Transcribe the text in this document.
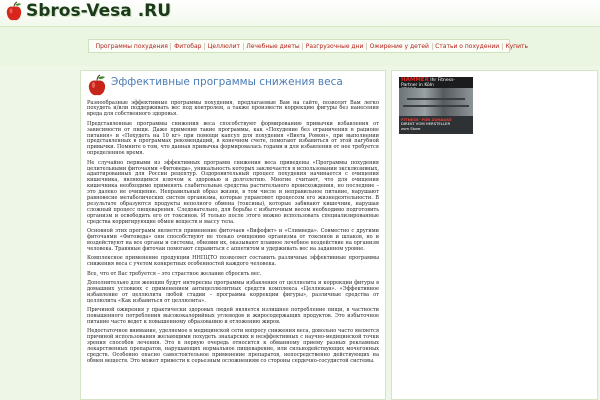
Sbros-Vesa .RU
Программы похудения	Фитобар	Целлюлит	Лечебные диеты	Разгрузочные дни	Ожирение у детей	Статьи о похудении	Купить
Эффективные программы снижения веса

Разнообразные эффективные программы похудения, предлагаемые Вам на сайте, позволят Вам легко похудеть и/или поддерживать вес под контролем, а также произвести коррекцию фигуры без нанесения вреда для собственного здоровья.

Представленные программы снижения веса способствуют формированию привычки избавления от зависимости от пищи. Даже применив такие программы, как «Похудение без ограничения в рационе питания» и «Похудеть на 10 кг» при помощи капсул для похудения «Виета Ромон», при выполнении представленных в программах рекомендаций, в конечном счете, помогают избавиться от этой пагубной привычки. Помните о том, что данная привычка формировалась годами и для избавления от нее требуется определенное время.

Не случайно первыми из эффективных программ снижения веса приведены «Программы похудения целительными фиточаями «Фитоведа», уникальность которых заключается в использовании эксклюзивных, адаптированных для России рецептур. Оздоровительный процесс похудения начинается с очищения кишечника, являющимся ключом к здоровью и долголетию. Многие считают, что для очищения кишечника необходимо применять слабительные средства растительного происхождения, но последние – это далеко не очищение. Неправильный образ жизни, в том числе и неправильное питание, нарушают равновесие метаболических систем организма, которые управляют процессом его жизнедеятельности. В результате образуются продукты неполного обмена (токсины), которые забивают кишечник, нарушая сложный процесс пищеварения. Следовательно, для борьбы с избыточным весом необходимо подготовить организм и освободить его от токсинов. И только после этого можно использовать специализированные средства корригирующие обмен веществ и массу тела.

Основной этих программ является применение фиточаев «Вифофит» и «Слимведа». Совместно с другими фиточаями «Фитоведа» они способствуют не только очищению организма от токсинов и шлаков, но и воздействуют на все органы и системы, обновив их, оказывают плавное лечебное воздействие на организм человека. Травяные фиточаи помогают справиться с аппетитом и удерживать вес на заданном уровне.

Комплексное применение продукции ННПЦТО позволяет составить различные эффективные программы снижения веса с учетом конкретных особенностей каждого человека.

Все, что от Вас требуется – это страстное желание сбросить вес.

Дополнительно для женщин будут интересны программы избавления от целлюлита и коррекции фигуры в домашних условиях с применением антицеллюлитных средств комплекса «Целлюкан». «Эффективное избавление от целлюлита любой стадии – программа коррекции фигуры», различные средства от целлюлита «Как избавиться от целлюлита».

Причиной ожирения у практически здоровых людей является излишнее потребление пищи, в частности повышенного потребления высококалорийных углеводов и жиросодержащих продуктов. Это избыточное питание часто ведет к повышенному образованию и отложению жиров.

Недостаточное внимание, уделяемое в медицинской сети вопросу снижения веса, довольно часто является причиной использования желающими похудеть знахарских и неэффективных с научно-медицинской точки зрения способов лечения. Это в первую очередь относится к обманному приему разных рекламных лекарственных препаратов, нарушающих нормальное пищеварение, или сильнодействующих мочегонных средств. Особенно опасно самостоятельное применение препаратов, непосредственно действующих на обмен веществ. Это может привести к серьезным осложнениям со стороны сердечно-сосудистой системы.

HAMMER Ihr Fitness-Partner in Köln
FITNESS- FÜR ZUHAUSE
DIREKT VOM HERSTELLER
zum Store
